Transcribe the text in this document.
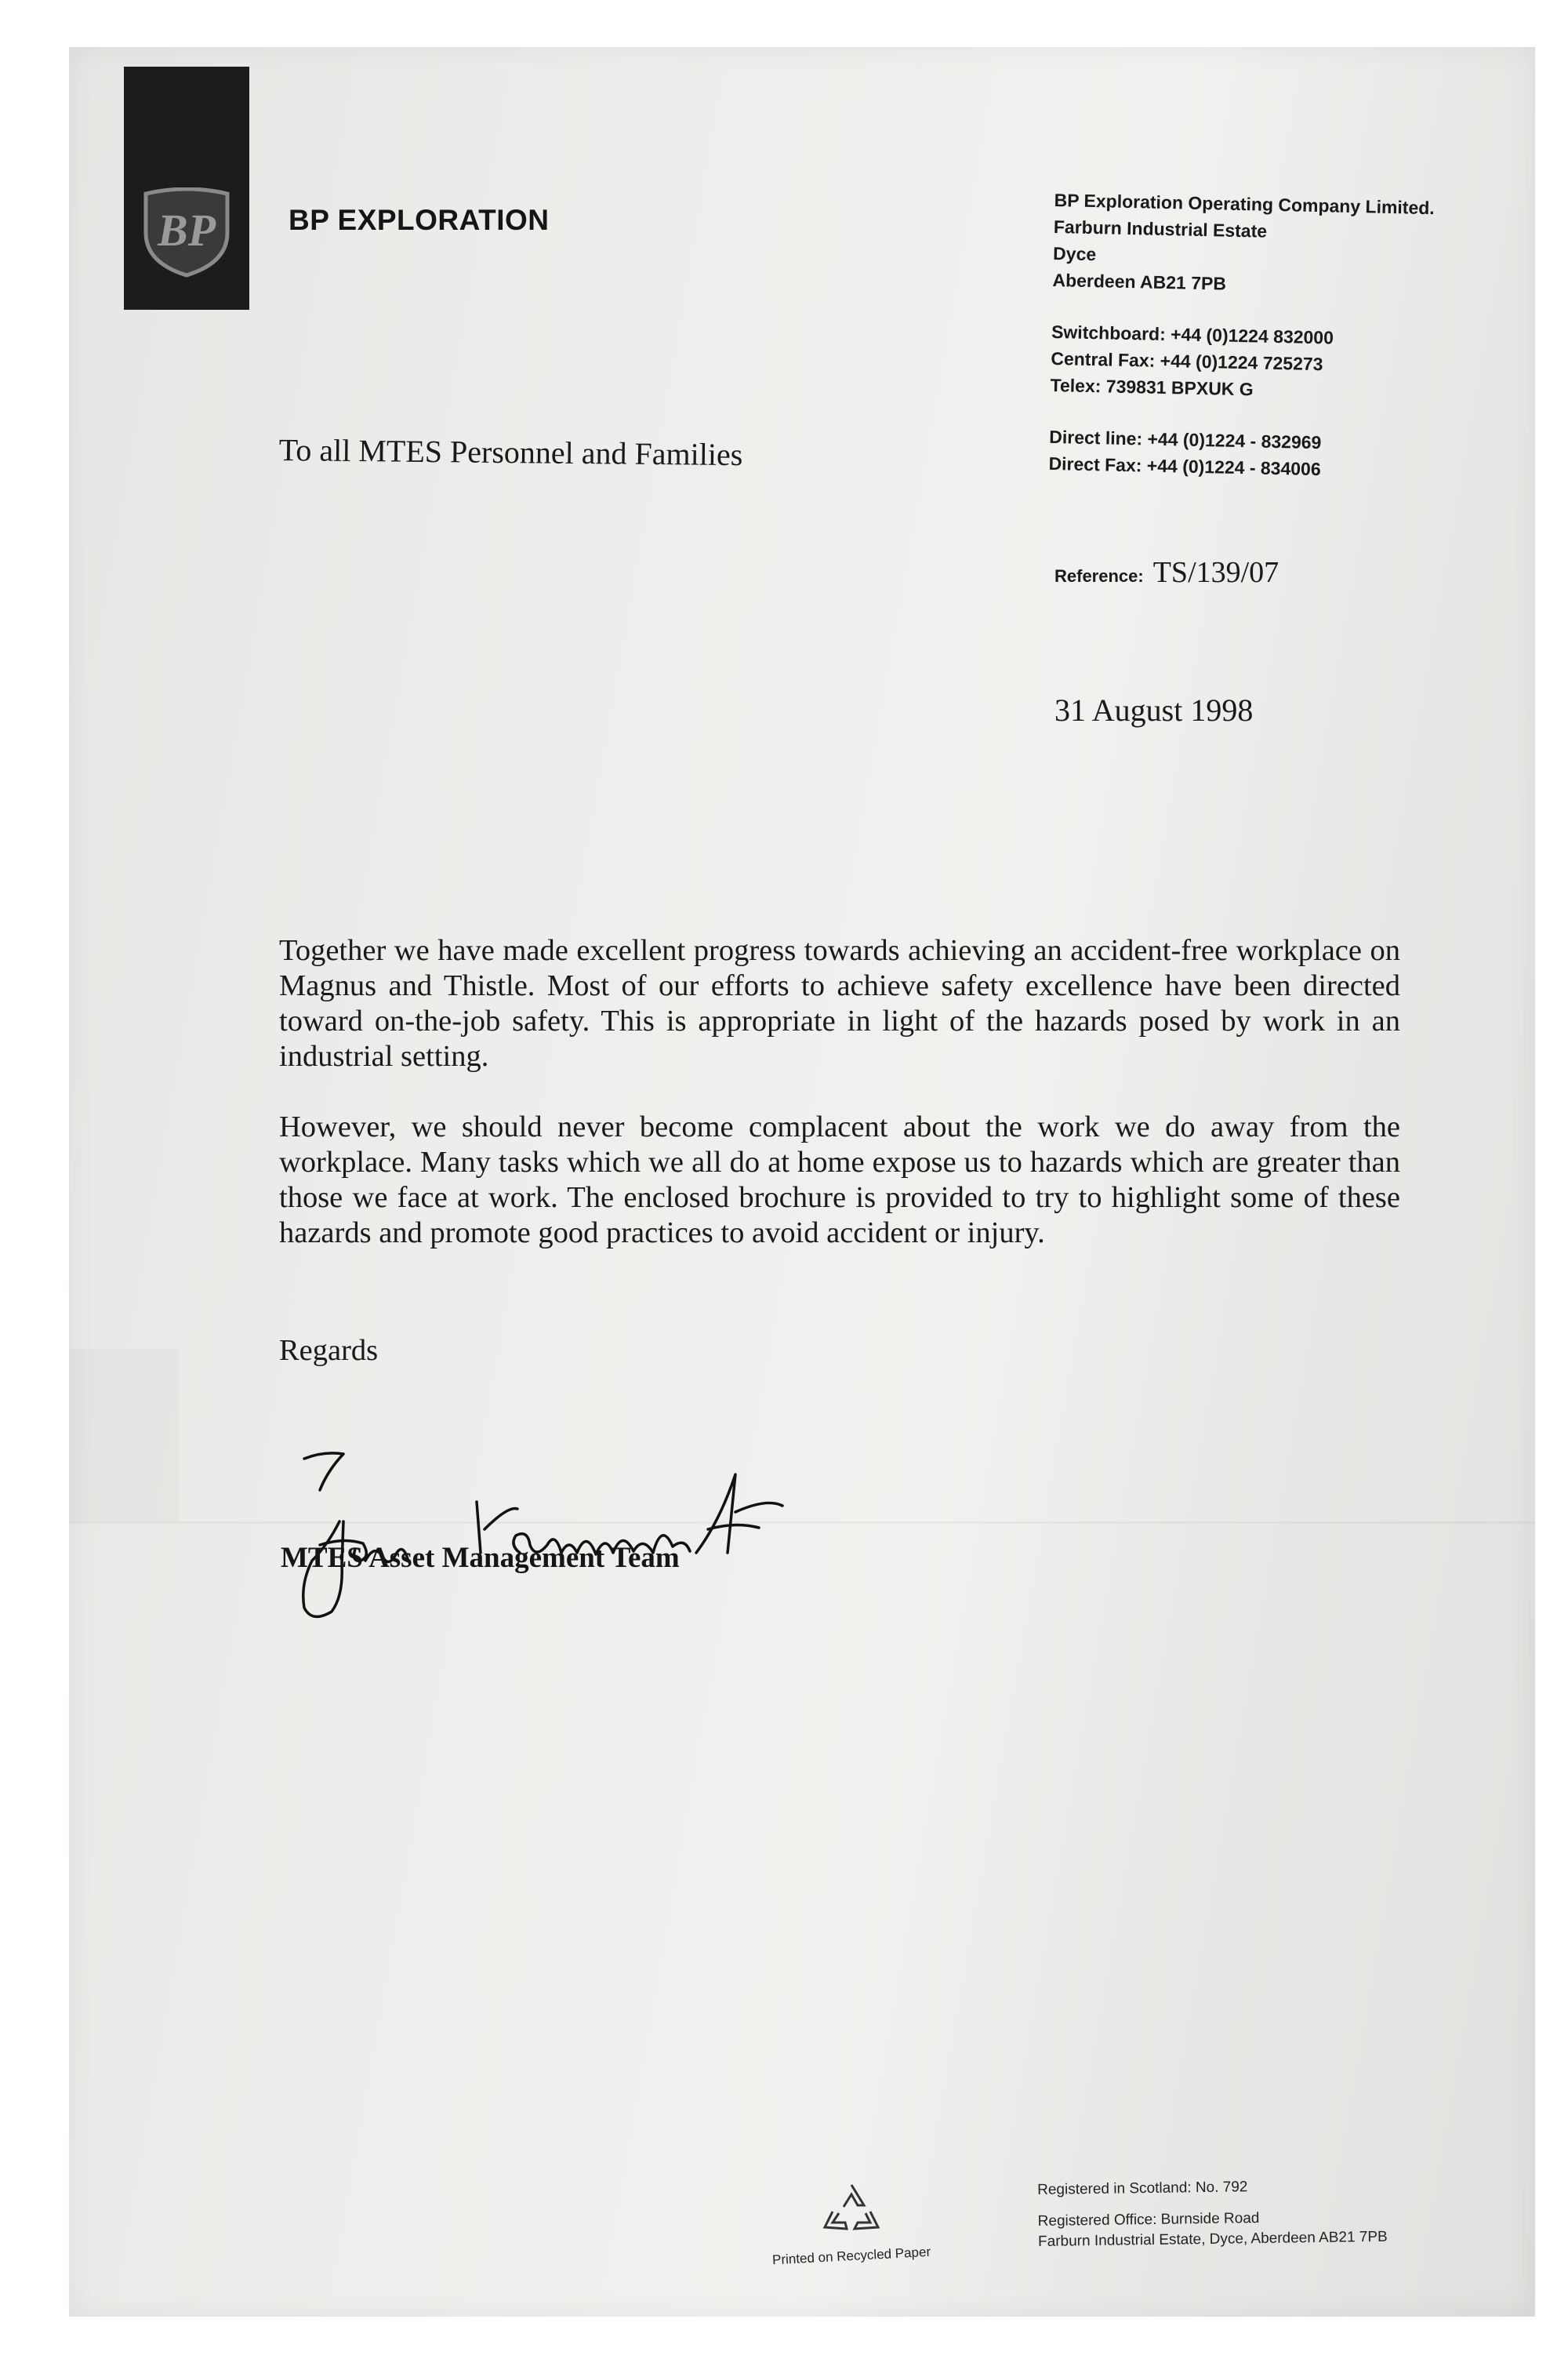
BP	BP EXPLORATION	BP Exploration Operating Company Limited.
Farburn Industrial Estate
Dyce
Aberdeen AB21 7PB
Switchboard: +44 (0)1224 832000
Central Fax: +44 (0)1224 725273
Telex: 739831 BPXUK G
Direct line: +44 (0)1224 - 832969
Direct Fax: +44 (0)1224 - 834006
Reference: TS/139/07
To all MTES Personnel and Families
31 August 1998

Together we have made excellent progress towards achieving an accident-free workplace on Magnus and Thistle. Most of our efforts to achieve safety excellence have been directed toward on-the-job safety. This is appropriate in light of the hazards posed by work in an industrial setting.

However, we should never become complacent about the work we do away from the workplace. Many tasks which we all do at home expose us to hazards which are greater than those we face at work. The enclosed brochure is provided to try to highlight some of these hazards and promote good practices to avoid accident or injury.

Regards
MTES Asset Management Team

Printed on Recycled Paper
Registered in Scotland: No. 792
Registered Office: Burnside Road
Farburn Industrial Estate, Dyce, Aberdeen AB21 7PB
